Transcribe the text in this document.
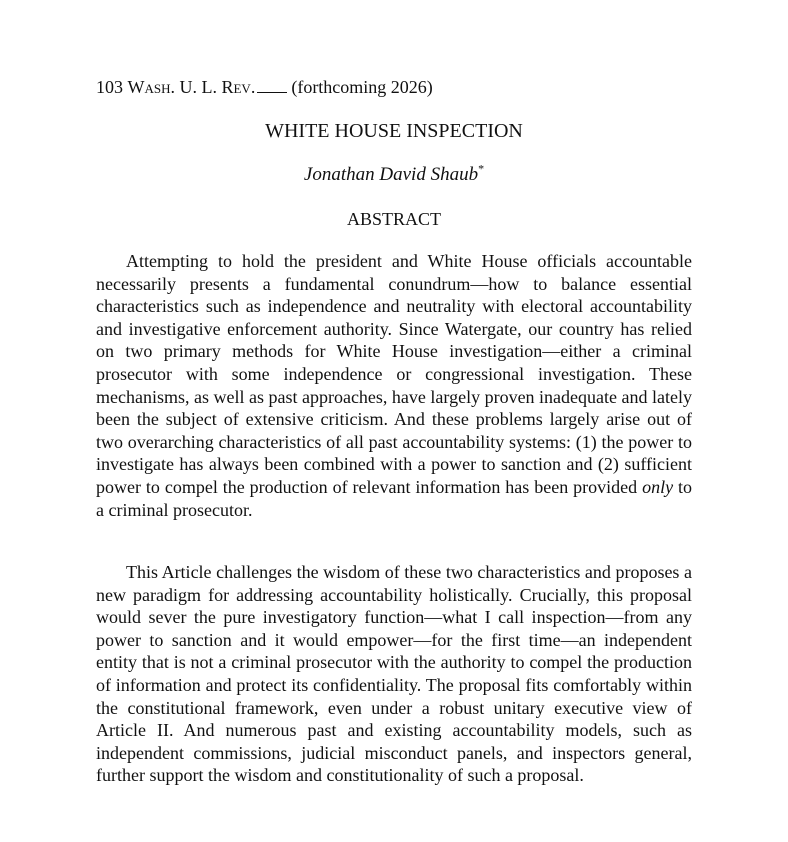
103 Wash. U. L. Rev. (forthcoming 2026)
WHITE HOUSE INSPECTION
Jonathan David Shaub*
ABSTRACT

Attempting to hold the president and White House officials accountable necessarily presents a fundamental conundrum—how to balance essential characteristics such as independence and neutrality with electoral accountability and investigative enforcement authority. Since Watergate, our country has relied on two primary methods for White House investigation—either a criminal prosecutor with some independence or congressional investigation. These mechanisms, as well as past approaches, have largely proven inadequate and lately been the subject of extensive criticism. And these problems largely arise out of two overarching characteristics of all past accountability systems: (1) the power to investigate has always been combined with a power to sanction and (2) sufficient power to compel the production of relevant information has been provided only to a criminal prosecutor.

This Article challenges the wisdom of these two characteristics and proposes a new paradigm for addressing accountability holistically. Crucially, this proposal would sever the pure investigatory function—what I call inspection—from any power to sanction and it would empower—for the first time—an independent entity that is not a criminal prosecutor with the authority to compel the production of information and protect its confidentiality. The proposal fits comfortably within the constitutional framework, even under a robust unitary executive view of Article II. And numerous past and existing accountability models, such as independent commissions, judicial misconduct panels, and inspectors general, further support the wisdom and constitutionality of such a proposal.
